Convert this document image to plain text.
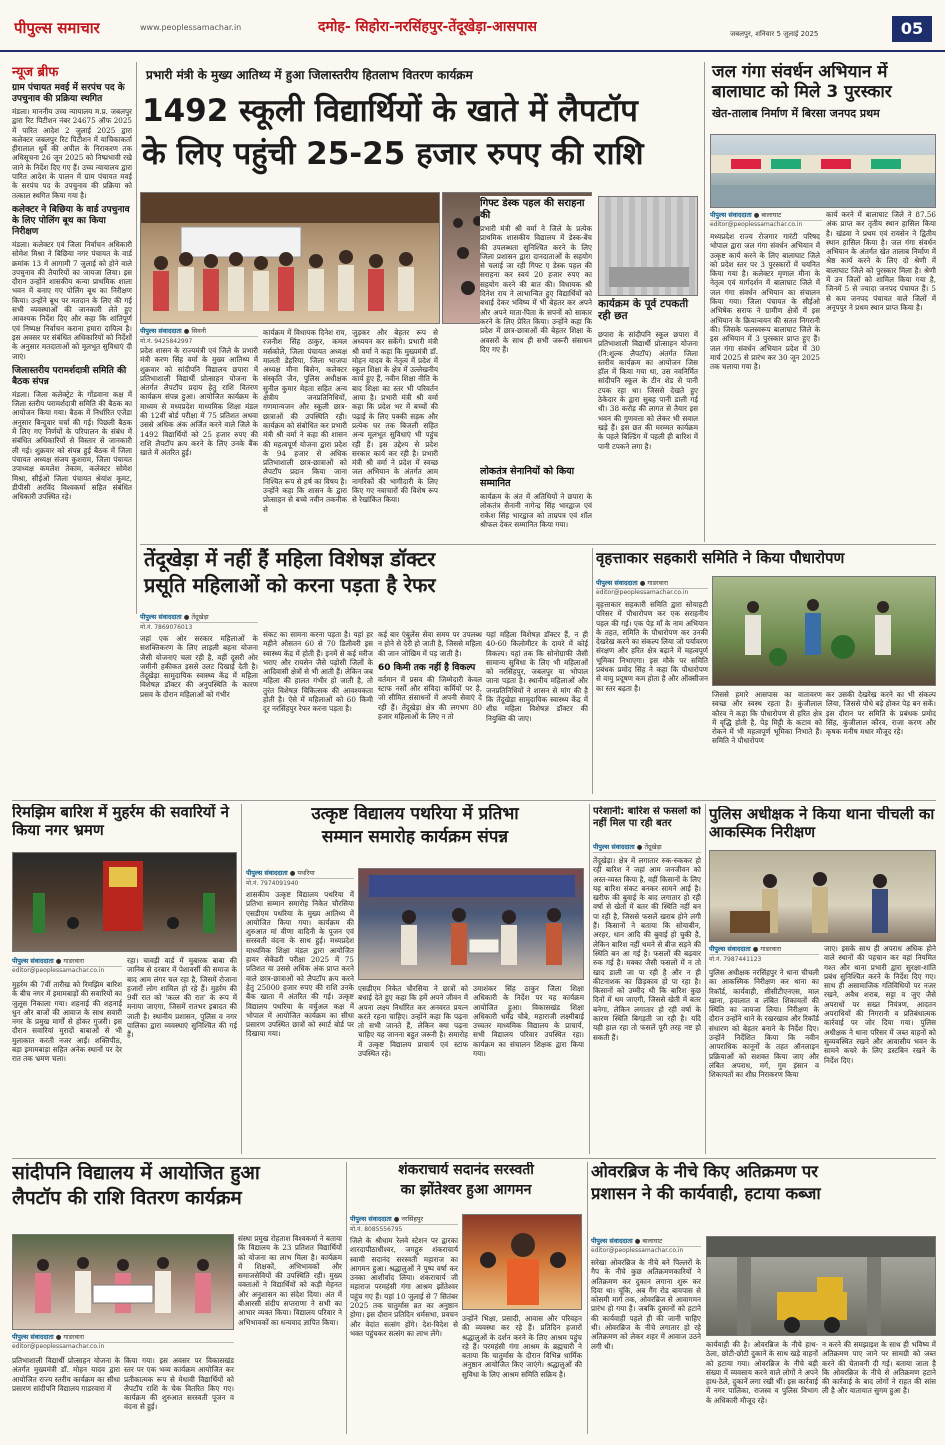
पीपुल्स समाचार	www.peoplessamachar.in	दमोह- सिहोरा-नरसिंहपुर-तेंदूखेड़ा-आसपास	जबलपुर, शनिवार 5 जुलाई 2025	05
न्यूज ब्रीफ
ग्राम पंचायत मवई में सरपंच पद के उपचुनाव की प्रक्रिया स्थगित
मंडला। माननीय उच्च न्यायालय म.प्र. जबलपुर द्वारा रिट पिटीशन नंबर 24675 ऑफ 2025 में पारित आदेश 2 जुलाई 2025 द्वारा कलेक्टर जबलपुर रिट पिटीशन में याचिकाकर्ता हीरालाल धुर्वे की अपील के निराकरण तक अधिसूचना 26 जून 2025 को निष्प्रभावी रखे जाने के निर्देश दिए गए हैं। उच्च न्यायालय द्वारा पारित आदेश के पालन में ग्राम पंचायत मवई के सरपंच पद के उपचुनाव की प्रक्रिया को तत्काल स्थगित किया गया है।
कलेक्टर ने बिछिया के वार्ड उपचुनाव के लिए पोलिंग बूथ का किया निरीक्षण
मंडला। कलेक्टर एवं जिला निर्वाचन अधिकारी सोमेश मिश्रा ने बिछिया नगर पंचायत के वार्ड क्रमांक 13 में आगामी 7 जुलाई को होने वाले उपचुनाव की तैयारियों का जायजा लिया। इस दौरान उन्होंने शासकीय कन्या प्राथमिक शाला भवन में बनाए गए पोलिंग बूथ का निरीक्षण किया। उन्होंने बूथ पर मतदान के लिए की गई सभी व्यवस्थाओं की जानकारी लेते हुए आवश्यक निर्देश दिए और कहा कि शांतिपूर्ण एवं निष्पक्ष निर्वाचन कराना हमारा दायित्व है। इस अवसर पर संबंधित अधिकारियों को निर्देशों के अनुसार मतदाताओं को मूलभूत सुविधाएं दी जाएं।
जिलास्तरीय परामर्शदात्री समिति की बैठक संपन्न
मंडला। जिला कलेक्ट्रेट के गोंडवाना कक्ष में जिला स्तरीय परामर्शदात्री समिति की बैठक का आयोजन किया गया। बैठक में निर्धारित एजेंडा अनुसार बिन्दुवार चर्चा की गई। पिछली बैठक में लिए गए निर्णयों के परिपालन के संबंध में संबंधित अधिकारियों से विस्तार से जानकारी ली गई। शुक्रवार को संपन्न हुई बैठक में जिला पंचायत अध्यक्ष संजय कुशराम, जिला पंचायत उपाध्यक्ष कमलेश तेकाम, कलेक्टर सोमेश मिश्रा, सीईओ जिला पंचायत श्रेयांश कूमट, डीपीसी अरविंद विश्वकर्मा सहित संबंधित अधिकारी उपस्थित रहे।
प्रभारी मंत्री के मुख्य आतिथ्य में हुआ जिलास्तरीय हितलाभ वितरण कार्यक्रम
1492 स्कूली विद्यार्थियों के खाते में लैपटॉप
के लिए पहुंची 25-25 हजार रुपए की राशि
पीपुल्स संवाददाता ● सिवनी
मो.नं. 9425842997
प्रदेश शासन के राज्यमंत्री एवं जिले के प्रभारी मंत्री करण सिंह वर्मा के मुख्य आतिथ्य में शुक्रवार को सांदीपनि विद्यालय छपारा में प्रतिभाशाली विद्यार्थी प्रोत्साहन योजना के अंतर्गत लैपटॉप प्रदाय हेतु राशि वितरण कार्यक्रम संपन्न हुआ। आयोजित कार्यक्रम के माध्यम से मध्यप्रदेश माध्यमिक शिक्षा मंडल की 12वीं बोर्ड परीक्षा में 75 प्रतिशत अथवा उससे अधिक अंक अर्जित करने वाले जिले के 1492 विद्यार्थियों को 25 हजार रुपए की राशि लैपटॉप क्रय करने के लिए उनके बैंक खाते में अंतरित हुई।
कार्यक्रम में विधायक दिनेश राय, रजनीश सिंह ठाकुर, कमल मर्सकोले, जिला पंचायत अध्यक्ष मालती डेहरिया, जिला भाजपा अध्यक्ष मीना बिसेन, कलेक्टर संस्कृति जैन, पुलिस अधीक्षक सुनील कुमार मेहता सहित अन्य क्षेत्रीय जनप्रतिनिधियों, गणमान्यजन और स्कूली छात्र-छात्राओं की उपस्थिति रही। कार्यक्रम को संबोधित कर प्रभारी मंत्री श्री वर्मा ने कहा की शासन की महत्वपूर्ण योजना द्वारा प्रदेश के 94 हजार से अधिक प्रतिभाशाली छात्र-छात्राओं को लैपटॉप प्रदान किया जाना निश्चित रूप से हर्ष का विषय है। उन्होंने कहा कि शासन के द्वारा प्रोत्साहन से बच्चे नवीन तकनीक से
जुड़कर और बेहतर रूप से अध्ययन कर सकेंगे। प्रभारी मंत्री श्री वर्मा ने कहा कि मुख्यमंत्री डॉ. मोहन यादव के नेतृत्व में प्रदेश में स्कूल शिक्षा के क्षेत्र में उल्लेखनीय कार्य हुए हैं, नवीन शिक्षा नीति के बाद शिक्षा का स्तर भी परिवर्तन आया है। प्रभारी मंत्री श्री वर्मा कहा कि प्रदेश भर में बच्चों की पढ़ाई के लिए पक्की सड़क और प्रत्येक घर तक बिजली सहित अन्य मूलभूत सुविधाएं भी पहुंच रही हैं। इस उद्देश्य से प्रदेश सरकार कार्य कर रही है। प्रभारी मंत्री श्री वर्मा ने प्रदेश में स्वच्छ जल अभियान के अंतर्गत आम नागरिकों की भागीदारी के लिए किए गए नवाचारों की विशेष रूप से रेखांकित किया।
गिफ्ट डेस्क पहल की सराहना की
प्रभारी मंत्री श्री वर्मा ने जिले के प्रत्येक प्राथमिक शासकीय विद्यालय में डेस्क-बेंच की उपलब्धता सुनिश्चित करने के लिए जिला प्रशासन द्वारा दानदाताओं के सहयोग से चलाई जा रही गिफ्ट ए डेस्क पहल की सराहना कर स्वयं 20 हजार रुपए का सहयोग करने की बात की। विधायक श्री दिनेश राय ने लाभान्वित हुए विद्यार्थियों को बधाई देकर भविष्य में भी बेहतर कर अपने और अपने माता-पिता के सपनों को साकार करने के लिए प्रेरित किया। उन्होंने कहा कि प्रदेश में छात्र-छात्राओं की बेहतर शिक्षा के अवसरों के साथ ही सभी जरूरी संसाधन दिए गए हैं।
लोकतंत्र सेनानियों को किया सम्मानित
कार्यक्रम के अंत में अतिथियों ने छपारा के लोकतंत्र सैनानी नागेन्द्र सिंह भारद्वाज एवं राकेश सिंह भारद्वाज को ताम्रपत्र एवं शॉल श्रीफल देकर सम्मानित किया गया।
कार्यक्रम के पूर्व टपकती रही छत
छपारा के सांदीपनि स्कूल छपारा में प्रतिभाशाली विद्यार्थी प्रोत्साहन योजना (नि:शुल्क लैपटॉप) अंतर्गत जिला स्तरीय कार्यक्रम का आयोजन जिस हॉल में किया गया था, उस नवनिर्मित सांदीपनि स्कूल के टीन शेड से पानी टपक रहा था। जिससे देखते हुए ठेकेदार के द्वारा सुबह पानी डाली गई थी। 38 करोड़ की लागत से तैयार इस भवन की गुणवत्ता को लेकर भी सवाल खड़े हैं। इस छत की मरम्मत कार्यक्रम के पहले बिल्डिंग में पहली ही बारिश में पानी टपकने लगा है।
जल गंगा संवर्धन अभियान में बालाघाट को मिले 3 पुरस्कार
खेत-तालाब निर्माण में बिरसा जनपद प्रथम
पीपुल्स संवाददाता ● बालाघाट
editor@peoplessamachar.co.in
मध्यप्रदेश राज्य रोजगार गारंटी परिषद भोपाल द्वारा जल गंगा संवर्धन अभियान में उत्कृष्ट कार्य करने के लिए बालाघाट जिले को प्रदेश स्तर पर 3 पुरस्कारों में चयनित किया गया है। कलेक्टर मृणाल मीना के नेतृत्व एवं मार्गदर्शन में बालाघाट जिले में जल गंगा संवर्धन अभियान का संचालन किया गया। जिला पंचायत के सीईओ अभिषेक सराफ ने ग्रामीण क्षेत्रों में इस अभियान के क्रियान्वयन की सतत निगरानी की। जिसके फलस्वरूप बालाघाट जिले के इस अभियान में 3 पुरस्कार प्राप्त हुए हैं। जल गंगा संवर्धन अभियान प्रदेश में 30 मार्च 2025 से प्रारंभ कर 30 जून 2025 तक चलाया गया है।
कार्य करने में बालाघाट जिले ने 87.56 अंक प्राप्त कर तृतीय स्थान हासिल किया है। खंडवा ने प्रथम एवं रायसेन ने द्वितीय स्थान हासिल किया है। जल गंगा संवर्धन अभियान के अंतर्गत खेत तालाब निर्माण में श्रेष्ठ कार्य करने के लिए दो श्रेणी में बालाघाट जिले को पुरस्कार मिला है। श्रेणी में उन जिलों को शामिल किया गया है, जिनमें 5 से ज्यादा जनपद पंचायत हैं। 5 से कम जनपद पंचायत वाले जिलों में अनूपपुर ने प्रथम स्थान प्राप्त किया है।
तेंदूखेड़ा में नहीं हैं महिला विशेषज्ञ डॉक्टर
प्रसूति महिलाओं को करना पड़ता है रेफर
पीपुल्स संवाददाता ● तेंदूखेड़ा
मो.नं. 7869076013
जहां एक ओर सरकार महिलाओं के सशक्तिकरण के लिए लाड़ली बहना योजना जैसी योजनाएं चला रही है, वहीं दूसरी ओर जमीनी हकीकत इससे उलट दिखाई देती है। तेंदूखेड़ा सामुदायिक स्वास्थ्य केंद्र में महिला विशेषज्ञ डॉक्टर की अनुपस्थिति के कारण प्रसव के दौरान महिलाओं को गंभीर
संकट का सामना करना पड़ता है। यहां हर महीने औसतन 60 से 70 डिलीवरी इस स्वास्थ्य केंद्र में होती हैं। इनमें से कई मरीज भराए और रायसेन जैसे पड़ोसी जिलों के आदिवासी क्षेत्रों से भी आती हैं। लेकिन जब महिला की हालत गंभीर हो जाती है, तो तुरंत विशेषज्ञ चिकित्सक की आवश्यकता होती है। ऐसे में महिलाओं को 60 किमी दूर नरसिंहपुर रेफर करना पड़ता है।
कई बार एंबुलेंस सेवा समय पर उपलब्ध न होने से देरी हो जाती है, जिससे महिला की जान जोखिम में पड़ जाती है।
60 किमी तक नहीं है विकल्प
वर्तमान में प्रसव की जिम्मेदारी केवल स्टाफ नर्सों और संविदा कर्मियों पर है, जो सीमित संसाधनों में अपनी सेवाएं दे रही हैं। तेंदूखेड़ा क्षेत्र की लगभग 80 हजार महिलाओं के लिए न तो
यहां महिला विशेषज्ञ डॉक्टर हैं, न ही 40-60 किलोमीटर के दायरे में कोई विकल्प। यहां तक कि सोनोग्राफी जैसी सामान्य सुविधा के लिए भी महिलाओं को नरसिंहपुर, जबलपुर या भोपाल जाना पड़ता है। स्थानीय महिलाओं और जनप्रतिनिधियों ने शासन से मांग की है कि तेंदूखेड़ा सामुदायिक स्वास्थ्य केंद्र में शीघ्र महिला विशेषज्ञ डॉक्टर की नियुक्ति की जाए।
वृहत्ताकार सहकारी समिति ने किया पौधारोपण
पीपुल्स संवाददाता ● गाडरवारा
editor@peoplessamachar.co.in
वृहत्ताकार सहकारी समिति द्वारा सोयाहटी परिसर में पौधारोपण कर एक सराहनीय पहल की गई। एक पेड़ माँ के नाम अभियान के तहत, समिति के पौधारोपण कर उनकी देखरेख करने का संकल्प लिया जो पर्यावरण संरक्षण और हरित क्षेत्र बढ़ाने में महत्वपूर्ण भूमिका निभाएगा। इस मौके पर समिति प्रबंधक प्रमोद सिंह ने कहा कि पौधारोपण से वायु प्रदूषण कम होता है और ऑक्सीजन का स्तर बढ़ता है।
जिससे हमारे आसपास का वातावरण स्वच्छ और स्वस्थ रहता है। कुंजीलाल कौरव ने कहा कि पौधारोपण से हरित क्षेत्र में वृद्धि होती है, पेड़ मिट्टी के कटाव को रोकने में भी महत्वपूर्ण भूमिका निभाते हैं। समिति ने पौधारोपण
कर उसकी देखरेख करने का भी संकल्प लिया, जिससे पौधे बड़े होकर पेड़ बन सकें। इस दौरान पर समिति के प्रबंधक प्रमोद सिंह, कुंजीलाल कौरव, राजा करण और कृषक मनीष मथार मौजूद रहे।
रिमझिम बारिश में मुहर्रम की सवारियों ने किया नगर भ्रमण
पीपुल्स संवाददाता ● गाडरवारा
editor@peoplessamachar.co.in
मुहर्रम की 7वीं तारीख को रिमझिम बारिश के बीच नगर में इमामबाड़ों की सवारियों का जुलूस निकाला गया। शहनाई की शहनाई धुन और बाजों की आवाज के साथ सवारी नगर के प्रमुख मार्गों से होकर गुजरी। इस दौरान सवारियां मुरादों बाबाओं से भी मुलाकात करती नजर आईं। शक्तिपीठ, बड़ा इमामबाड़ा सहित अनेक स्थानों पर देर रात तक भ्रमण चला।
रहा। चावड़ी वार्ड में मुबारक बाबा की जानिब से दरबार में पेशावर्सी की समाज के बाद आम लंगर चल रहा है, जिसमें रोजाना हजारों लोग शामिल हो रहे हैं। मुहर्रम की 9वीं रात को 'कत्ल की रात' के रूप में मनाया जाएगा, जिसमें रातभर इबादत की जाती है। स्थानीय प्रशासन, पुलिस व नगर पालिका द्वारा व्यवस्थाएं सुनिश्चित की गई हैं।
उत्कृष्ट विद्यालय पथरिया में प्रतिभा
सम्मान समारोह कार्यक्रम संपन्न
पीपुल्स संवाददाता ● पथरिया
मो.नं. 7974091940
शासकीय उत्कृष्ट विद्यालय पथरिया में प्रतिभा सम्मान समारोह निकेत चौरसिया एसडीएम पथरिया के मुख्य आतिथ्य में आयोजित किया गया। कार्यक्रम की शुरुआत मां वीणा वादिनी के पूजन एवं सरस्वती वंदना के साथ हुई। मध्यप्रदेश माध्यमिक शिक्षा मंडल द्वारा आयोजित हायर सेकेंडरी परीक्षा 2025 में 75 प्रतिशत या उससे अधिक अंक प्राप्त करने वाले छात्र-छात्राओं को लैपटॉप क्रय करने हेतु 25000 हजार रुपए की राशि उनके बैंक खाता में अंतरित की गई। उत्कृष्ट विद्यालय पथरिया के वर्चुअल कक्ष में भोपाल में आयोजित कार्यक्रम का सीधा प्रसारण उपस्थित छात्रों को स्मार्ट बोर्ड पर दिखाया गया।
एसडीएम निकेत चौरसिया ने छात्रों को बधाई देते हुए कहा कि हमें अपने जीवन में अपना लक्ष्य निर्धारित कर अनवरत प्रयत्न करते रहना चाहिए। उन्होंने कहा कि पढ़ना तो सभी जानते हैं, लेकिन क्या पढ़ना चाहिए यह जानना बहुत जरूरी है। समारोह में उत्कृष्ट विद्यालय प्राचार्य एवं स्टाफ उपस्थित रहे।
उमाशंकर सिंह ठाकुर जिला शिक्षा अधिकारी के निर्देश पर यह कार्यक्रम आयोजित हुआ। विकासखंड शिक्षा अधिकारी धर्मेंद्र चौबे, महाराजी लक्ष्मीबाई उच्चतर माध्यमिक विद्यालय के प्राचार्य, सभी विद्यालय परिवार उपस्थित रहा। कार्यक्रम का संचालन शिक्षक द्वारा किया गया।
परेशानी: बारिश से फसलों को नहीं मिल पा रही बतर
पीपुल्स संवाददाता ● तेंदूखेड़ा
तेंदूखेड़ा। क्षेत्र में लगातार रुक-रुककर हो रही बारिश ने जहां आम जनजीवन को अस्त-व्यस्त किया है, वहीं किसानों के लिए यह बारिश संकट बनकर सामने आई है। खरीफ की बुवाई के बाद लगातार हो रही वर्षा से खेतों में बतर की स्थिति नहीं बन पा रही है, जिससे फसलें खराब होने लगी हैं। किसानों ने बताया कि सोयाबीन, अरहर, धान आदि की बुवाई हो चुकी है, लेकिन बारिश नहीं थमने से बीज सड़ने की स्थिति बन आ गई है। फसलों की बढ़वार रुक गई है। मक्का जैसी फसलों में न तो खाद डाली जा पा रही है और न ही कीटनाशक का छिड़काव हो पा रहा है। किसानों को उम्मीद थी कि बारिश कुछ दिनों में थम जाएगी, जिससे खेती में बतर बनेगा, लेकिन लगातार हो रही वर्षा के कारण स्थिति बिगड़ती जा रही है। यदि यही हाल रहा तो फसलें पूरी तरह नष्ट हो सकती हैं।
पुलिस अधीक्षक ने किया थाना चीचली का आकस्मिक निरीक्षण
पीपुल्स संवाददाता ● गाडरवारा
मो.नं. 7987441123
पुलिस अधीक्षक नरसिंहपुर ने थाना चीचली का आकस्मिक निरीक्षण कर थाना का रिकॉर्ड, कार्यवाही, सीसीटीएनएस, माल खाना, हवालात व लंबित शिकायतों की स्थिति का जायजा लिया। निरीक्षण के दौरान उन्होंने थाने के रखरखाव और रिकॉर्ड संधारण को बेहतर बनाने के निर्देश दिए। उन्होंने निर्देशित किया कि नवीन आपराधिक कानूनों के तहत ऑनलाइन प्रक्रियाओं को सशक्त किया जाए और लंबित अपराध, मर्ग, गुम इंसान व शिकायतों का शीघ्र निराकरण किया
जाए। इसके साथ ही अपराध अधिक होने वाले स्थानों की पहचान कर वहां नियमित गश्त और थाना प्रभारी द्वारा सुरक्षा-शांति प्रबंध सुनिश्चित करने के निर्देश दिए गए। साथ ही असामाजिक गतिविधियों पर नजर रखने, अवैध शराब, सट्टा व जुए जैसे अपराधों पर सख्त नियंत्रण, आदतन अपराधियों की निगरानी व प्रतिबंधात्मक कार्रवाई पर जोर दिया गया। पुलिस अधीक्षक ने थाना परिसर में जब्त वाहनों को सुव्यवस्थित रखने और आवासीय भवन के सामने कचरे के लिए डस्टबिन रखने के निर्देश दिए।
सांदीपनि विद्यालय में आयोजित हुआ
लैपटॉप की राशि वितरण कार्यक्रम
पीपुल्स संवाददाता ● गाडरवारा
editor@peoplessamachar.co.in
प्रतिभाशाली विद्यार्थी प्रोत्साहन योजना के अंतर्गत मुख्यमंत्री डॉ. मोहन यादव द्वारा आयोजित राज्य स्तरीय कार्यक्रम का सीधा प्रसारण सांदीपनि विद्यालय गाडरवारा में
किया गया। इस अवसर पर विकासखंड स्तर पर एक भव्य कार्यक्रम आयोजित कर प्रतीकात्मक रूप से मेधावी विद्यार्थियों को लैपटॉप राशि के चेक वितरित किए गए। कार्यक्रम की शुरुआत सरस्वती पूजन व वंदना से हुई।
संस्था प्रमुख रोहताश विश्वकर्मा ने बताया कि विद्यालय के 23 प्रतिशत विद्यार्थियों को योजना का लाभ मिला है। कार्यक्रम में शिक्षकों, अभिभावकों और समाजसेवियों की उपस्थिति रही। मुख्य वक्ताओं ने विद्यार्थियों को कड़ी मेहनत और अनुशासन का संदेश दिया। अंत में बीआरसी संदीप सप्तराणा ने सभी का आभार व्यक्त किया। विद्यालय परिवार ने अभिभावकों का धन्यवाद ज्ञापित किया।
शंकराचार्य सदानंद सरस्वती
का झोंतेश्वर हुआ आगमन
पीपुल्स संवाददाता ● नरसिंहपुर
मो.नं. 8085556795
जिले के श्रीधाम रेलवे स्टेशन पर द्वारका शारदापीठाधीश्वर, जगद्गुरु शंकराचार्य स्वामी सदानंद सरस्वती महाराज का आगमन हुआ। श्रद्धालुओं ने पुष्प वर्षा कर उनका आशीर्वाद लिया। शंकराचार्य जी महाराज परमहंसी गंगा आश्रम झोंतेश्वर पहुंच गए हैं। यहां 10 जुलाई से 7 सितंबर 2025 तक चातुर्मास व्रत का अनुष्ठान होगा। इस दौरान प्रतिदिन धर्मसभा, प्रवचन और वेदांत सत्संग होंगे। देश-विदेश से भक्त पहुंचकर सत्संग का लाभ लेंगे।
उन्होंने भिक्षा, प्रसादी, आवास और परिवहन की व्यवस्था कर रहे हैं। प्रतिदिन हजारों श्रद्धालुओं के दर्शन करने के लिए आश्रम पहुंच रहे हैं। परमहंसी गंगा आश्रम के ब्रह्मचारी ने बताया कि चातुर्मास के दौरान विभिन्न धार्मिक अनुष्ठान आयोजित किए जाएंगे। श्रद्धालुओं की सुविधा के लिए आश्रम समिति सक्रिय है।
ओवरब्रिज के नीचे किए अतिक्रमण पर
प्रशासन ने की कार्यवाही, हटाया कब्जा
पीपुल्स संवाददाता ● बालाघाट
editor@peoplessamachar.co.in
सरेखा ओवरब्रिज के नीचे बने पिल्लरों के गैप के नीचे कुछ अतिक्रमणकारियों ने अतिक्रमण कर दुकान लगाना शुरू कर दिया था। चूंकि, अब गैंग रोड बायपास से कोसमी मार्ग तक, ओवरब्रिज से आवागमन प्रारंभ हो गया है। जबकि दुकानों को हटाने की कार्यवाही पहले ही की जानी चाहिए थी। ओवरब्रिज के नीचे लगातार हो रहे अतिक्रमण को लेकर शहर में आवाज उठने लगी थी।	कार्यवाही की है। ओवरब्रिज के नीचे हाथ-ठेला, छोटी-छोटी दुकानें के साथ खड़े वाहनों को हटाया गया। ओवरब्रिज के नीचे बड़ी संख्या में व्यवसाय करने वाले लोगों ने अपने हाथ-ठेले, दुकानें लगा रखी थीं। इस कार्रवाई में नगर पालिका, राजस्व व पुलिस विभाग के अधिकारी मौजूद रहे।
न करने की समझाइश के साथ ही भविष्य में अतिक्रमण पाए जाने पर सामग्री को जब्त करने की चेतावनी दी गई। बताया जाता है कि ओवरब्रिज के नीचे से अतिक्रमण हटाने की कार्रवाई के बाद लोगों ने राहत की सांस ली है और यातायात सुगम हुआ है।
